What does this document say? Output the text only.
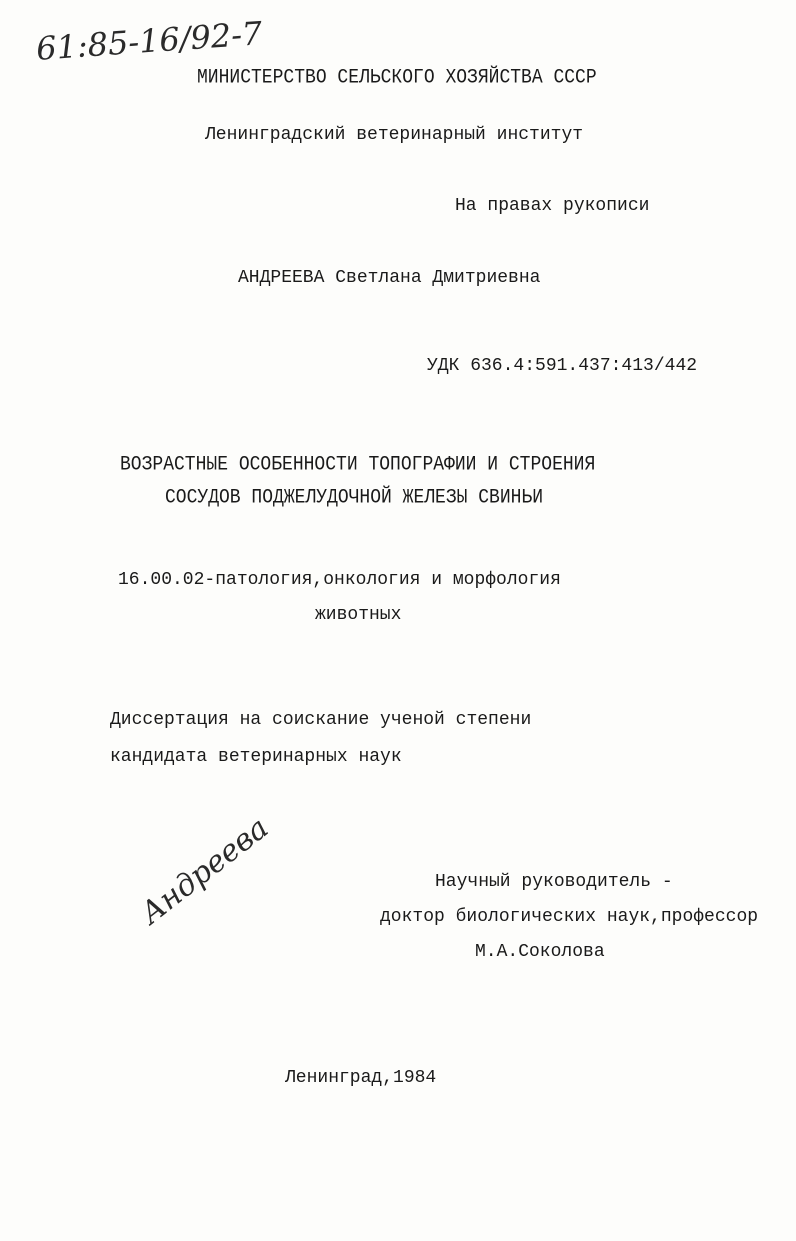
61:85-16/92-7
МИНИСТЕРСТВО СЕЛЬСКОГО ХОЗЯЙСТВА СССР
Ленинградский ветеринарный институт
На правах рукописи
АНДРЕЕВА Светлана Дмитриевна
УДК 636.4:591.437:413/442
ВОЗРАСТНЫЕ ОСОБЕННОСТИ ТОПОГРАФИИ И СТРОЕНИЯ
СОСУДОВ ПОДЖЕЛУДОЧНОЙ ЖЕЛЕЗЫ СВИНЬИ
16.00.02-патология,онкология и морфология
животных
Диссертация на соискание ученой степени
кандидата ветеринарных наук
Андреева	Научный руководитель -
доктор биологических наук,профессор
М.А.Соколова
Ленинград,1984
